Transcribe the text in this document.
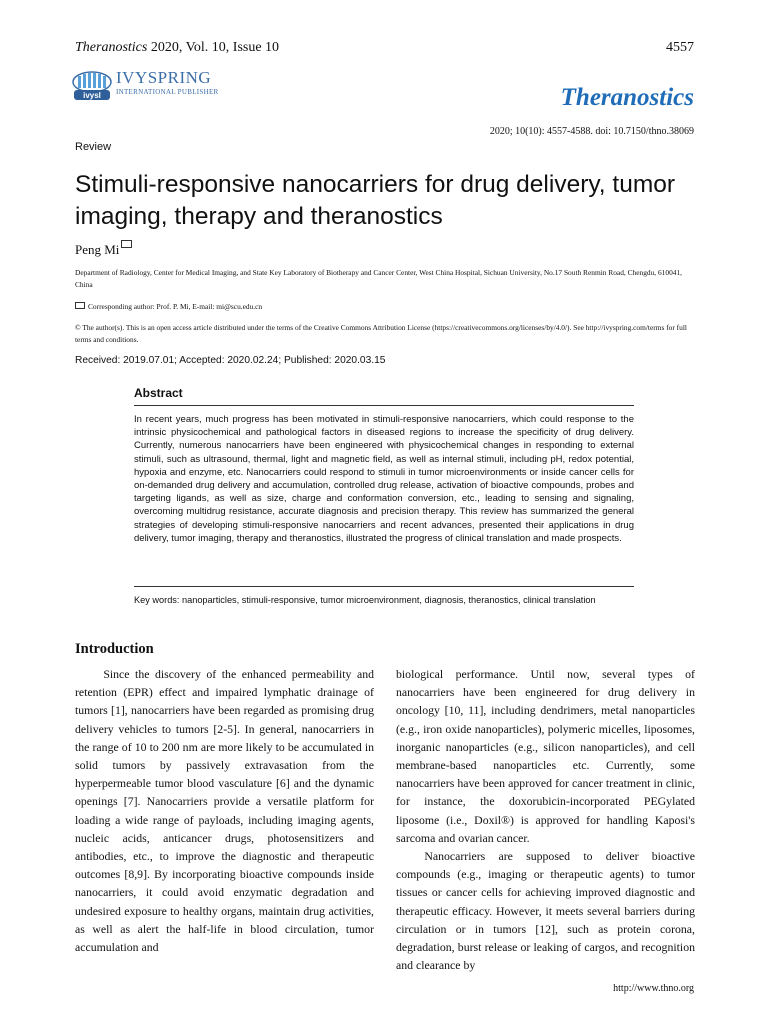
Theranostics 2020, Vol. 10, Issue 10	4557
ivysl
IVYSPRING
INTERNATIONAL PUBLISHER	Theranostics
2020; 10(10): 4557-4588. doi: 10.7150/thno.38069
Review
Stimuli-responsive nanocarriers for drug delivery, tumor imaging, therapy and theranostics
Peng Mi
Department of Radiology, Center for Medical Imaging, and State Key Laboratory of Biotherapy and Cancer Center, West China Hospital, Sichuan University, No.17 South Renmin Road, Chengdu, 610041, China
Corresponding author: Prof. P. Mi, E-mail: mi@scu.edu.cn
© The author(s). This is an open access article distributed under the terms of the Creative Commons Attribution License (https://creativecommons.org/licenses/by/4.0/). See http://ivyspring.com/terms for full terms and conditions.
Received: 2019.07.01; Accepted: 2020.02.24; Published: 2020.03.15
Abstract
In recent years, much progress has been motivated in stimuli-responsive nanocarriers, which could response to the intrinsic physicochemical and pathological factors in diseased regions to increase the specificity of drug delivery. Currently, numerous nanocarriers have been engineered with physicochemical changes in responding to external stimuli, such as ultrasound, thermal, light and magnetic field, as well as internal stimuli, including pH, redox potential, hypoxia and enzyme, etc. Nanocarriers could respond to stimuli in tumor microenvironments or inside cancer cells for on-demanded drug delivery and accumulation, controlled drug release, activation of bioactive compounds, probes and targeting ligands, as well as size, charge and conformation conversion, etc., leading to sensing and signaling, overcoming multidrug resistance, accurate diagnosis and precision therapy. This review has summarized the general strategies of developing stimuli-responsive nanocarriers and recent advances, presented their applications in drug delivery, tumor imaging, therapy and theranostics, illustrated the progress of clinical translation and made prospects.
Key words: nanoparticles, stimuli-responsive, tumor microenvironment, diagnosis, theranostics, clinical translation
Introduction

Since the discovery of the enhanced permeability and retention (EPR) effect and impaired lymphatic drainage of tumors [1], nanocarriers have been regarded as promising drug delivery vehicles to tumors [2-5]. In general, nanocarriers in the range of 10 to 200 nm are more likely to be accumulated in solid tumors by passively extravasation from the hyperpermeable tumor blood vasculature [6] and the dynamic openings [7]. Nanocarriers provide a versatile platform for loading a wide range of payloads, including imaging agents, nucleic acids, anticancer drugs, photosensitizers and antibodies, etc., to improve the diagnostic and therapeutic outcomes [8,9]. By incorporating bioactive compounds inside nanocarriers, it could avoid enzymatic degradation and undesired exposure to healthy organs, maintain drug activities, as well as alert the half-life in blood circulation, tumor accumulation and

biological performance. Until now, several types of nanocarriers have been engineered for drug delivery in oncology [10, 11], including dendrimers, metal nanoparticles (e.g., iron oxide nanoparticles), polymeric micelles, liposomes, inorganic nanoparticles (e.g., silicon nanoparticles), and cell membrane-based nanoparticles etc. Currently, some nanocarriers have been approved for cancer treatment in clinic, for instance, the doxorubicin-incorporated PEGylated liposome (i.e., Doxil®) is approved for handling Kaposi's sarcoma and ovarian cancer.

Nanocarriers are supposed to deliver bioactive compounds (e.g., imaging or therapeutic agents) to tumor tissues or cancer cells for achieving improved diagnostic and therapeutic efficacy. However, it meets several barriers during circulation or in tumors [12], such as protein corona, degradation, burst release or leaking of cargos, and recognition and clearance by

http://www.thno.org
